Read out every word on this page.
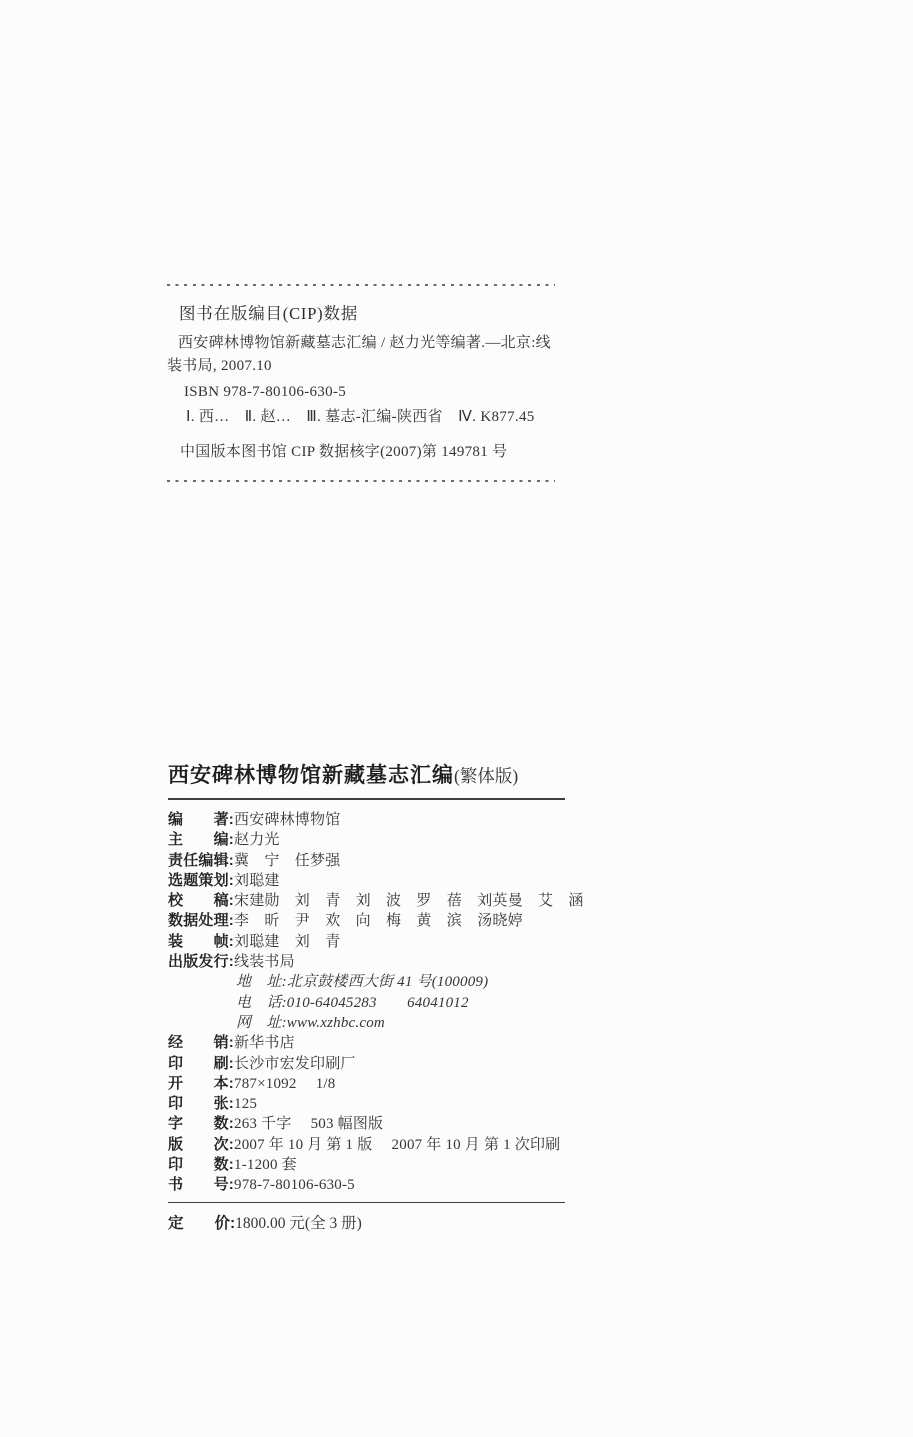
图书在版编目(CIP)数据
西安碑林博物馆新藏墓志汇编 / 赵力光等编著.—北京:线
装书局, 2007.10
ISBN 978-7-80106-630-5
Ⅰ. 西…　Ⅱ. 赵…　Ⅲ. 墓志-汇编-陕西省　Ⅳ. K877.45
中国版本图书馆 CIP 数据核字(2007)第 149781 号
西安碑林博物馆新藏墓志汇编(繁体版)
编　　著:西安碑林博物馆
主　　编:赵力光
责任编辑:冀　宁　任梦强
选题策划:刘聪建
校　　稿:宋建勋　刘　青　刘　波　罗　蓓　刘英曼　艾　涵
数据处理:李　昕　尹　欢　向　梅　黄　滨　汤晓婷
装　　帧:刘聪建　刘　青
出版发行:线装书局
地　址:北京鼓楼西大街 41 号(100009)
电　话:010-64045283　　64041012
网　址:www.xzhbc.com
经　　销:新华书店
印　　刷:长沙市宏发印刷厂
开　　本:787×1092　 1/8
印　　张:125
字　　数:263 千字　 503 幅图版
版　　次:2007 年 10 月 第 1 版　 2007 年 10 月 第 1 次印刷
印　　数:1-1200 套
书　　号:978-7-80106-630-5
定　　价:1800.00 元(全 3 册)
